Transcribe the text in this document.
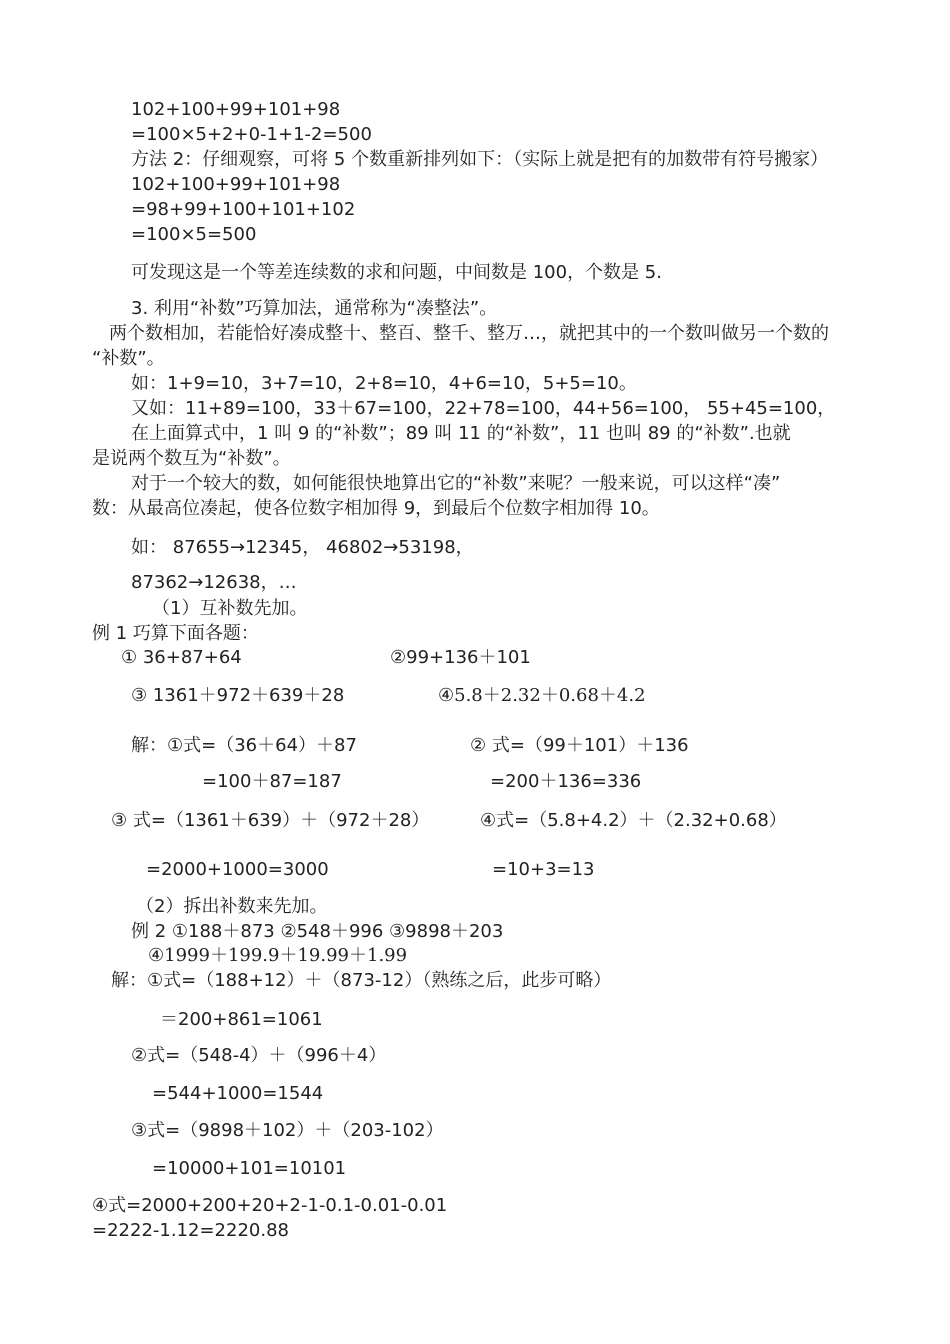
102+100+99+101+98
=100×5+2+0-1+1-2=500
方法 2：仔细观察，可将 5 个数重新排列如下：（实际上就是把有的加数带有符号搬家）
102+100+99+101+98
=98+99+100+101+102
=100×5=500
可发现这是一个等差连续数的求和问题，中间数是 100，个数是 5.
3. 利用“补数”巧算加法，通常称为“凑整法”。
两个数相加，若能恰好凑成整十、整百、整千、整万…，就把其中的一个数叫做另一个数的
“补数”。
如：1+9=10，3+7=10，2+8=10，4+6=10，5+5=10。
又如：11+89=100，33＋67=100，22+78=100，44+56=100， 55+45=100，
在上面算式中，1 叫 9 的“补数”；89 叫 11 的“补数”，11 也叫 89 的“补数”.也就
是说两个数互为“补数”。
对于一个较大的数，如何能很快地算出它的“补数”来呢？一般来说，可以这样“凑”
数：从最高位凑起，使各位数字相加得 9，到最后个位数字相加得 10。
如： 87655→12345， 46802→53198，
87362→12638，…
（1）互补数先加。
例 1 巧算下面各题：
① 36+87+64	②99+136＋101
③ 1361＋972＋639＋28	④5.8＋2.32＋0.68＋4.2
解：①式=（36＋64）＋87	② 式=（99＋101）＋136
=100＋87=187	=200＋136=336
③ 式=（1361＋639）＋（972＋28）	④式=（5.8+4.2）＋（2.32+0.68）
=2000+1000=3000	=10+3=13
（2）拆出补数来先加。
例 2 ①188＋873 ②548＋996 ③9898＋203
④1999＋199.9＋19.99＋1.99
解：①式=（188+12）＋（873-12）（熟练之后，此步可略）
＝200+861=1061
②式=（548-4）＋（996＋4）
=544+1000=1544
③式=（9898＋102）＋（203-102）
=10000+101=10101
④式=2000+200+20+2-1-0.1-0.01-0.01
=2222-1.12=2220.88
